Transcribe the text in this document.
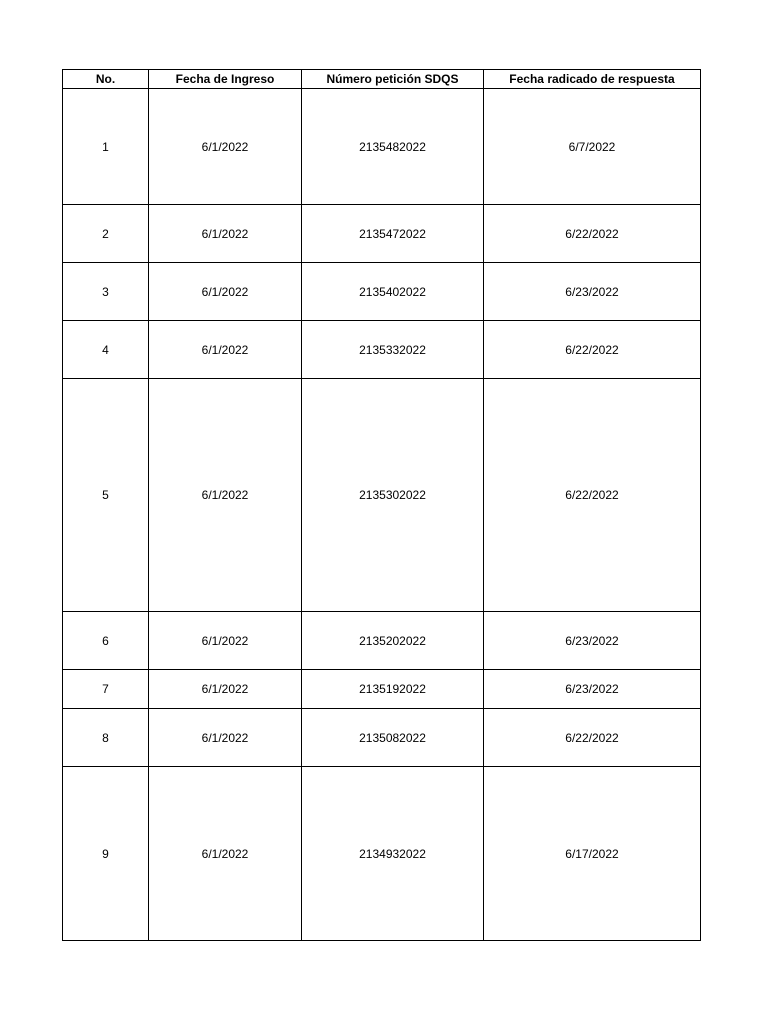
No.	Fecha de Ingreso	Número petición SDQS	Fecha radicado de respuesta
1	6/1/2022	2135482022	6/7/2022
2	6/1/2022	2135472022	6/22/2022
3	6/1/2022	2135402022	6/23/2022
4	6/1/2022	2135332022	6/22/2022
5	6/1/2022	2135302022	6/22/2022
6	6/1/2022	2135202022	6/23/2022
7	6/1/2022	2135192022	6/23/2022
8	6/1/2022	2135082022	6/22/2022
9	6/1/2022	2134932022	6/17/2022
